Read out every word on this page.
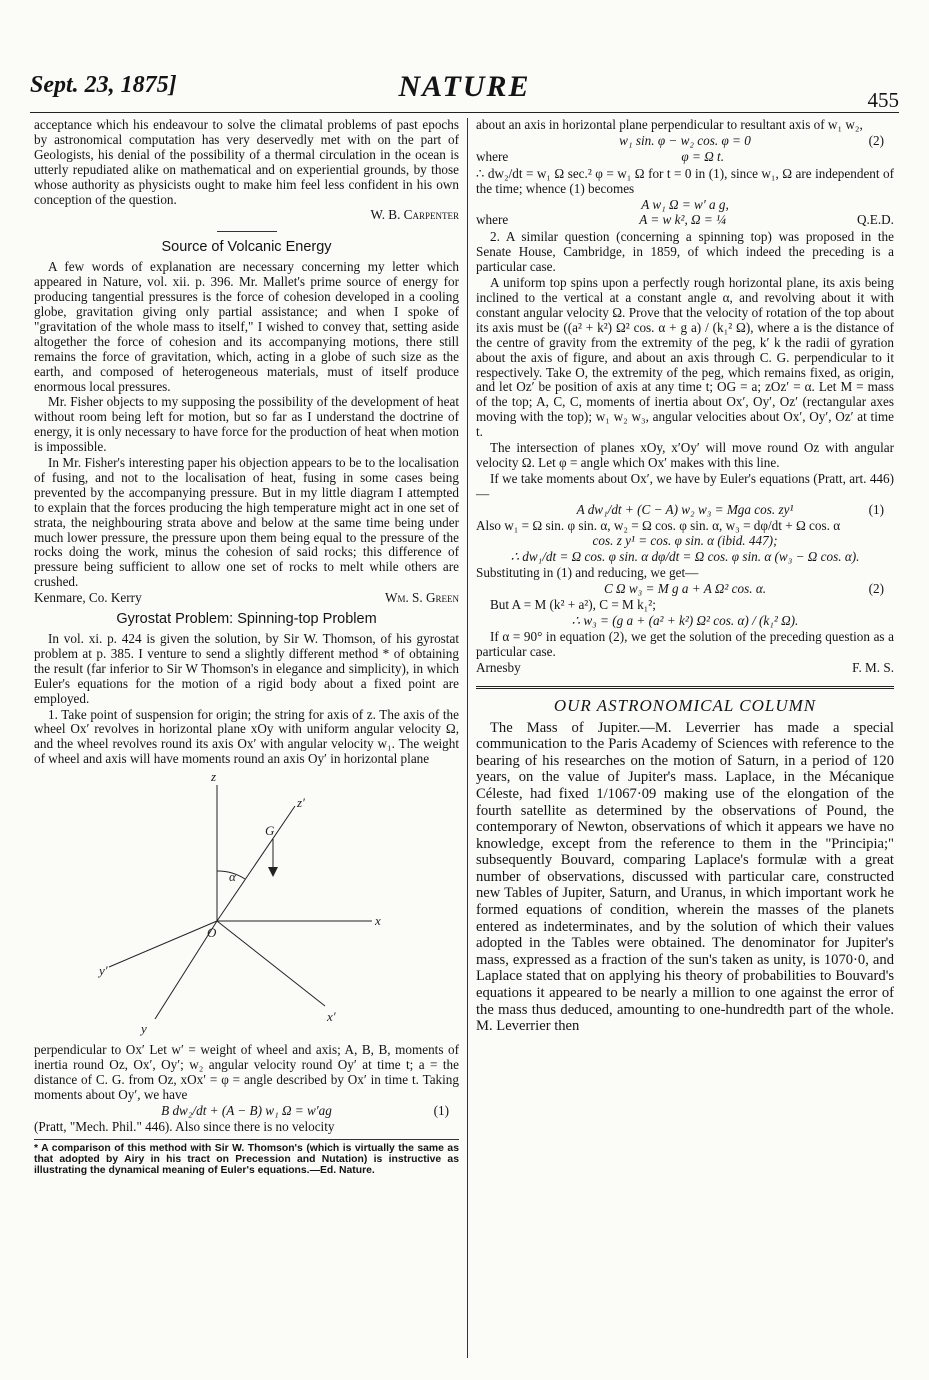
Sept. 23, 1875]	NATURE	455

acceptance which his endeavour to solve the climatal problems of past epochs by astronomical computation has very deservedly met with on the part of Geologists, his denial of the possibility of a thermal circulation in the ocean is utterly repudiated alike on mathematical and on experiential grounds, by those whose authority as physicists ought to make him feel less confident in his own conception of the question.

W. B. Carpenter
Source of Volcanic Energy

A few words of explanation are necessary concerning my letter which appeared in Nature, vol. xii. p. 396. Mr. Mallet's prime source of energy for producing tangential pressures is the force of cohesion developed in a cooling globe, gravitation giving only partial assistance; and when I spoke of "gravitation of the whole mass to itself," I wished to convey that, setting aside altogether the force of cohesion and its accompanying motions, there still remains the force of gravitation, which, acting in a globe of such size as the earth, and composed of heterogeneous materials, must of itself produce enormous local pressures.

Mr. Fisher objects to my supposing the possibility of the development of heat without room being left for motion, but so far as I understand the doctrine of energy, it is only necessary to have force for the production of heat when motion is impossible.

In Mr. Fisher's interesting paper his objection appears to be to the localisation of fusing, and not to the localisation of heat, fusing in some cases being prevented by the accompanying pressure. But in my little diagram I attempted to explain that the forces producing the high temperature might act in one set of strata, the neighbouring strata above and below at the same time being under much lower pressure, the pressure upon them being equal to the pressure of the rocks doing the work, minus the cohesion of said rocks; this difference of pressure being sufficient to allow one set of rocks to melt while others are crushed.

Kenmare, Co. Kerry	Wm. S. Green
Gyrostat Problem: Spinning-top Problem

In vol. xi. p. 424 is given the solution, by Sir W. Thomson, of his gyrostat problem at p. 385. I venture to send a slightly different method * of obtaining the result (far inferior to Sir W Thomson's in elegance and simplicity), in which Euler's equations for the motion of a rigid body about a fixed point are employed.

1. Take point of suspension for origin; the string for axis of z. The axis of the wheel Ox′ revolves in horizontal plane xOy with uniform angular velocity Ω, and the wheel revolves round its axis Ox′ with angular velocity w₁. The weight of wheel and axis will have moments round an axis Oy′ in horizontal plane

z
z′
G
α
x
O
y′
x′
y

perpendicular to Ox′ Let w′ = weight of wheel and axis; A, B, B, moments of inertia round Oz, Ox′, Oy′; w₂ angular velocity round Oy′ at time t; a = the distance of C. G. from Oz, xOx′ = φ = angle described by Ox′ in time t. Taking moments about Oy′, we have

B dw₂/dt + (A − B) w₁ Ω = w′ag	(1)

(Pratt, "Mech. Phil." 446). Also since there is no velocity

* A comparison of this method with Sir W. Thomson's (which is virtually the same as that adopted by Airy in his tract on Precession and Nutation) is instructive as illustrating the dynamical meaning of Euler's equations.—Ed. Nature.

about an axis in horizontal plane perpendicular to resultant axis of w₁ w₂,

w₁ sin. φ − w₂ cos. φ = 0	(2)
where	φ = Ω t.

∴ dw₂/dt = w₁ Ω sec.² φ = w₁ Ω for t = 0 in (1), since w₁, Ω are independent of the time; whence (1) becomes

A w₁ Ω = w′ a g,
where	A = w k², Ω = ¼	Q.E.D.

2. A similar question (concerning a spinning top) was proposed in the Senate House, Cambridge, in 1859, of which indeed the preceding is a particular case.

A uniform top spins upon a perfectly rough horizontal plane, its axis being inclined to the vertical at a constant angle α, and revolving about it with constant angular velocity Ω. Prove that the velocity of rotation of the top about its axis must be ((a² + k²) Ω² cos. α + g a) / (k₁² Ω), where a is the distance of the centre of gravity from the extremity of the peg, k′ k the radii of gyration about the axis of figure, and about an axis through C. G. perpendicular to it respectively. Take O, the extremity of the peg, which remains fixed, as origin, and let Oz′ be position of axis at any time t; OG = a; zOz′ = α. Let M = mass of the top; A, C, C, moments of inertia about Ox′, Oy′, Oz′ (rectangular axes moving with the top); w₁ w₂ w₃, angular velocities about Ox′, Oy′, Oz′ at time t.

The intersection of planes xOy, x′Oy′ will move round Oz with angular velocity Ω. Let φ = angle which Ox′ makes with this line.

If we take moments about Ox′, we have by Euler's equations (Pratt, art. 446)—

A dw₁/dt + (C − A) w₂ w₃ = Mga cos. zy¹	(1)

Also w₁ = Ω sin. φ sin. α, w₂ = Ω cos. φ sin. α, w₃ = dφ/dt + Ω cos. α

cos. z y¹ = cos. φ sin. α (ibid. 447);
∴ dw₁/dt = Ω cos. φ sin. α dφ/dt = Ω cos. φ sin. α (w₃ − Ω cos. α).

Substituting in (1) and reducing, we get—

C Ω w₃ = M g a + A Ω² cos. α.	(2)

But A = M (k² + a²), C = M k₁²;

∴ w₃ = (g a + (a² + k²) Ω² cos. α) / (k₁² Ω).

If α = 90° in equation (2), we get the solution of the preceding question as a particular case.

Arnesby	F. M. S.
OUR ASTRONOMICAL COLUMN

The Mass of Jupiter.—M. Leverrier has made a special communication to the Paris Academy of Sciences with reference to the bearing of his researches on the motion of Saturn, in a period of 120 years, on the value of Jupiter's mass. Laplace, in the Mécanique Céleste, had fixed 1/1067·09 making use of the elongation of the fourth satellite as determined by the observations of Pound, the contemporary of Newton, observations of which it appears we have no knowledge, except from the reference to them in the "Principia;" subsequently Bouvard, comparing Laplace's formulæ with a great number of observations, discussed with particular care, constructed new Tables of Jupiter, Saturn, and Uranus, in which important work he formed equations of condition, wherein the masses of the planets entered as indeterminates, and by the solution of which their values adopted in the Tables were obtained. The denominator for Jupiter's mass, expressed as a fraction of the sun's taken as unity, is 1070·0, and Laplace stated that on applying his theory of probabilities to Bouvard's equations it appeared to be nearly a million to one against the error of the mass thus deduced, amounting to one-hundredth part of the whole. M. Leverrier then
